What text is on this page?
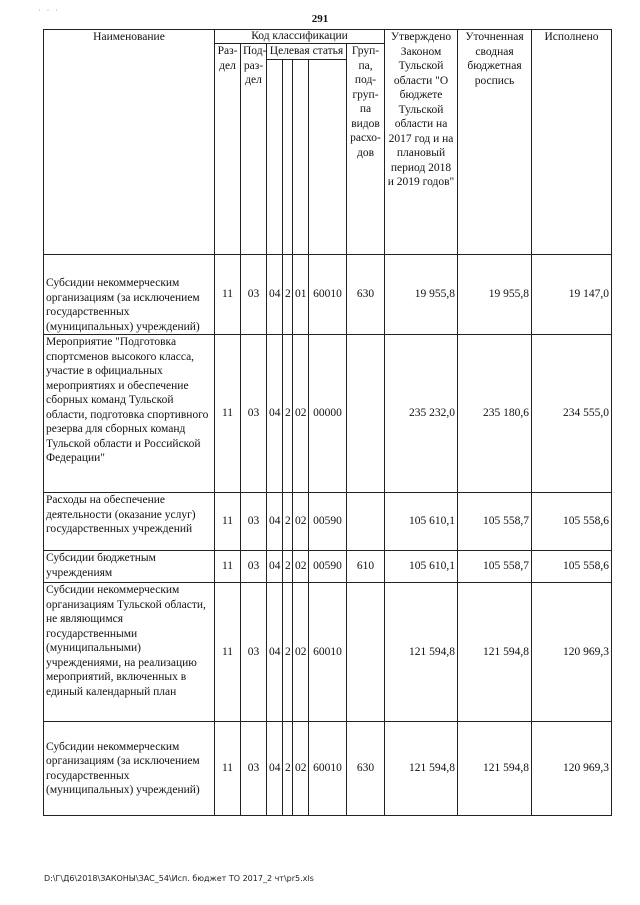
· · ·
291
Наименование	Код классификации							Утверждено Законом Тульской области "О бюджете Тульской области на 2017 год и на плановый период 2018 и 2019 годов"	Уточненная сводная бюджетная роспись	Исполнено
	Раз-дел	Под-раз-дел	Целевая статья				Груп-па, под-груп-па видов расхо-дов			

Субсидии некоммерческим организациям (за исключением государственных (муниципальных) учреждений)	11	03	04	2	01	60010	630	19 955,8	19 955,8	19 147,0
Мероприятие "Подготовка спортсменов высокого класса, участие в официальных мероприятиях и обеспечение сборных команд Тульской области, подготовка спортивного резерва для сборных команд Тульской области и Российской Федерации"	11	03	04	2	02	00000		235 232,0	235 180,6	234 555,0
Расходы на обеспечение деятельности (оказание услуг) государственных учреждений	11	03	04	2	02	00590		105 610,1	105 558,7	105 558,6
Субсидии бюджетным учреждениям	11	03	04	2	02	00590	610	105 610,1	105 558,7	105 558,6
Субсидии некоммерческим организациям Тульской области, не являющимся государственными (муниципальными) учреждениями, на реализацию мероприятий, включенных в единый календарный план	11	03	04	2	02	60010		121 594,8	121 594,8	120 969,3
Субсидии некоммерческим организациям (за исключением государственных (муниципальных) учреждений)	11	03	04	2	02	60010	630	121 594,8	121 594,8	120 969,3
D:\Г\Д6\2018\ЗАКОНЫ\ЗАС_54\Исп. бюджет ТО 2017_2 чт\pr5.xls
